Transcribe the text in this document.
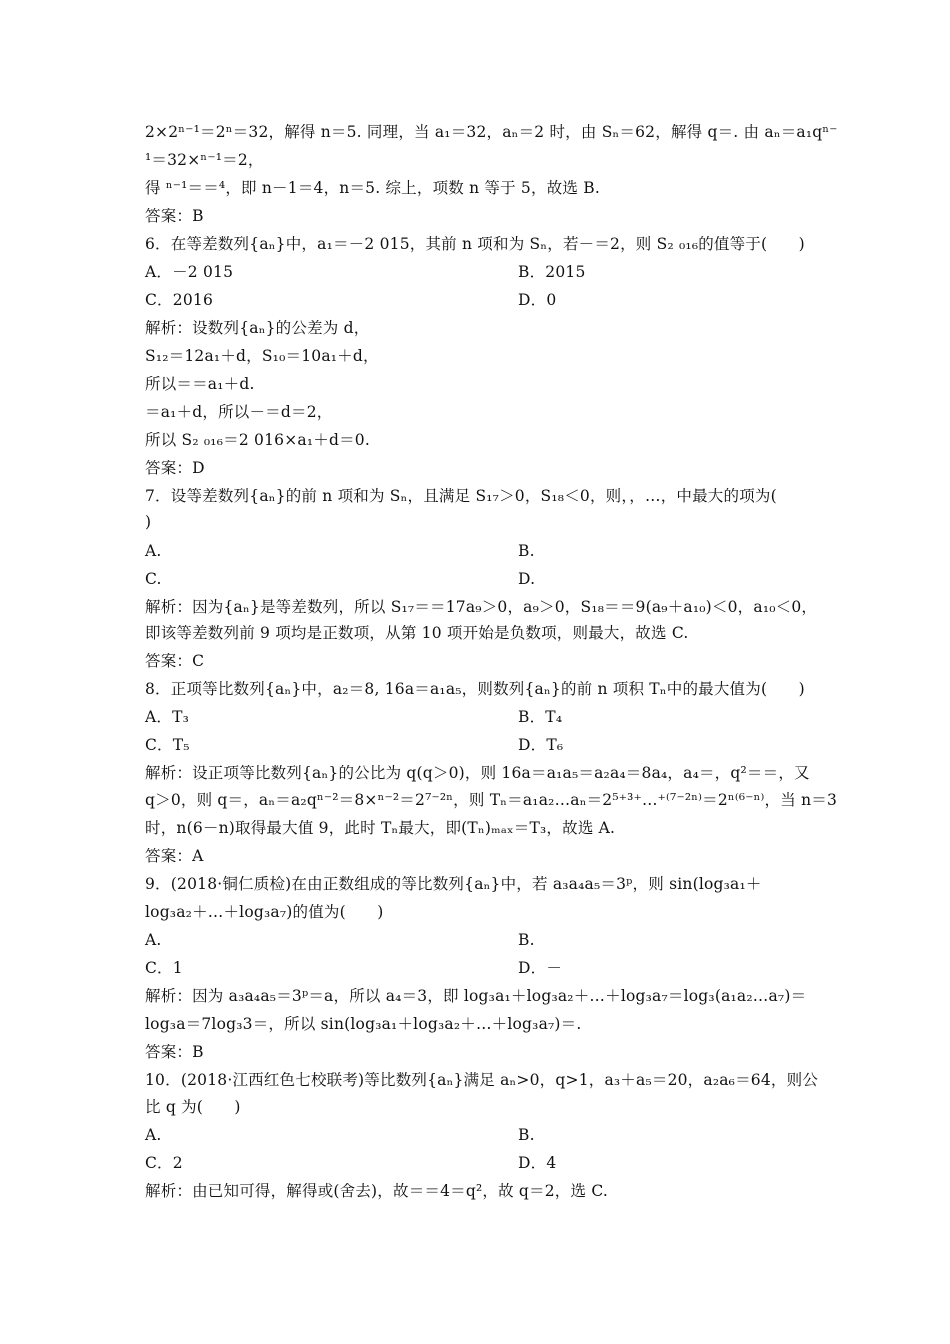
2×2ⁿ⁻¹＝2ⁿ＝32，解得 n＝5. 同理，当 a₁＝32，aₙ＝2 时，由 Sₙ＝62，解得 q＝. 由 aₙ＝a₁qⁿ⁻
¹＝32×ⁿ⁻¹＝2，
得 ⁿ⁻¹＝＝⁴，即 n－1＝4，n＝5. 综上，项数 n 等于 5，故选 B.
答案：B
6．在等差数列{aₙ}中，a₁＝－2 015，其前 n 项和为 Sₙ，若－＝2，则 S₂ ₀₁₆的值等于(　　)
A．－2 015	B．2015
C．2016	D．0
解析：设数列{aₙ}的公差为 d，
S₁₂＝12a₁＋d，S₁₀＝10a₁＋d，
所以＝＝a₁＋d.
＝a₁＋d，所以－＝d＝2，
所以 S₂ ₀₁₆＝2 016×a₁＋d＝0.
答案：D
7．设等差数列{aₙ}的前 n 项和为 Sₙ，且满足 S₁₇＞0，S₁₈＜0，则，，…，中最大的项为(
)
A.	B.
C.	D.
解析：因为{aₙ}是等差数列，所以 S₁₇＝＝17a₉＞0，a₉＞0，S₁₈＝＝9(a₉＋a₁₀)＜0，a₁₀＜0，
即该等差数列前 9 项均是正数项，从第 10 项开始是负数项，则最大，故选 C.
答案：C
8．正项等比数列{aₙ}中，a₂＝8, 16a＝a₁a₅，则数列{aₙ}的前 n 项积 Tₙ中的最大值为(　　)
A．T₃	B．T₄
C．T₅	D．T₆
解析：设正项等比数列{aₙ}的公比为 q(q＞0)，则 16a＝a₁a₅＝a₂a₄＝8a₄，a₄＝，q²＝＝，又
q＞0，则 q＝，aₙ＝a₂qⁿ⁻²＝8×ⁿ⁻²＝2⁷⁻²ⁿ，则 Tₙ＝a₁a₂…aₙ＝2⁵⁺³⁺…⁺⁽⁷⁻²ⁿ⁾＝2ⁿ⁽⁶⁻ⁿ⁾，当 n＝3
时，n(6－n)取得最大值 9，此时 Tₙ最大，即(Tₙ)ₘₐₓ＝T₃，故选 A.
答案：A
9．(2018·铜仁质检)在由正数组成的等比数列{aₙ}中，若 a₃a₄a₅＝3ᵖ，则 sin(log₃a₁＋
log₃a₂＋…＋log₃a₇)的值为(　　)
A.	B.
C．1	D．－
解析：因为 a₃a₄a₅＝3ᵖ＝a，所以 a₄＝3，即 log₃a₁＋log₃a₂＋…＋log₃a₇＝log₃(a₁a₂…a₇)＝
log₃a＝7log₃3＝，所以 sin(log₃a₁＋log₃a₂＋…＋log₃a₇)＝.
答案：B
10．(2018·江西红色七校联考)等比数列{aₙ}满足 aₙ>0，q>1，a₃＋a₅＝20，a₂a₆＝64，则公
比 q 为(　　)
A.	B.
C．2	D．4
解析：由已知可得，解得或(舍去)，故＝＝4＝q²，故 q＝2，选 C.
